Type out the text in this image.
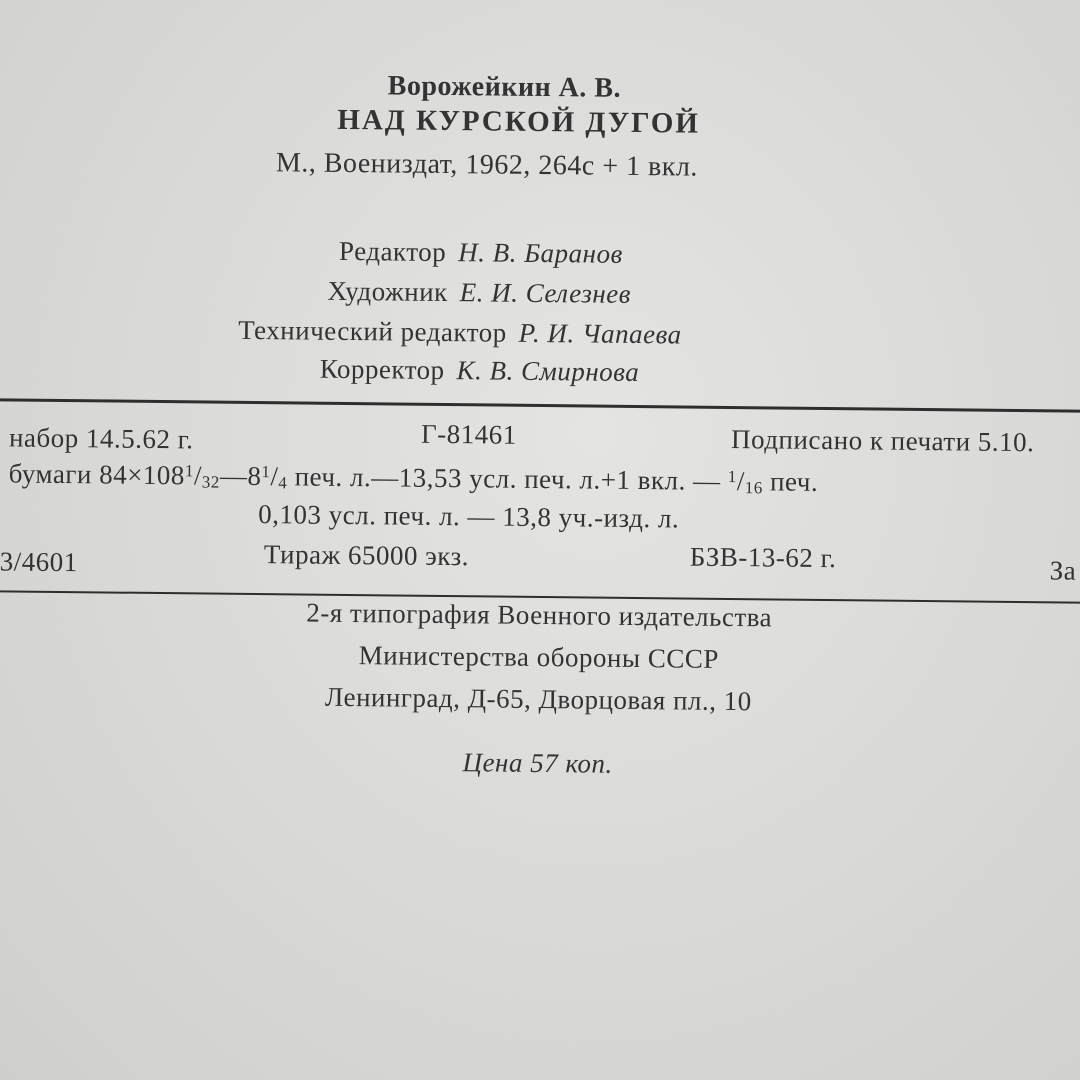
Ворожейкин А. В.
НАД КУРСКОЙ ДУГОЙ
М., Воениздат, 1962, 264с + 1 вкл.
Редактор Н. В. Баранов
Художник Е. И. Селезнев
Технический редактор Р. И. Чапаева
Корректор К. В. Смирнова
набор 14.5.62 г.	Г-81461	Подписано к печати 5.10.
бумаги $84\times 108^1/32—8^1/4$ печ. л.—13,53 усл. печ. л.+1 вкл. — $^1$/16 печ.
0,103 усл. печ. л. — 13,8 уч.-изд. л.
3/4601	Тираж 65000 экз.	БЗВ-13-62 г.	За
2-я типография Военного издательства
Министерства обороны СССР
Ленинград, Д-65, Дворцовая пл., 10
Цена 57 коп.
